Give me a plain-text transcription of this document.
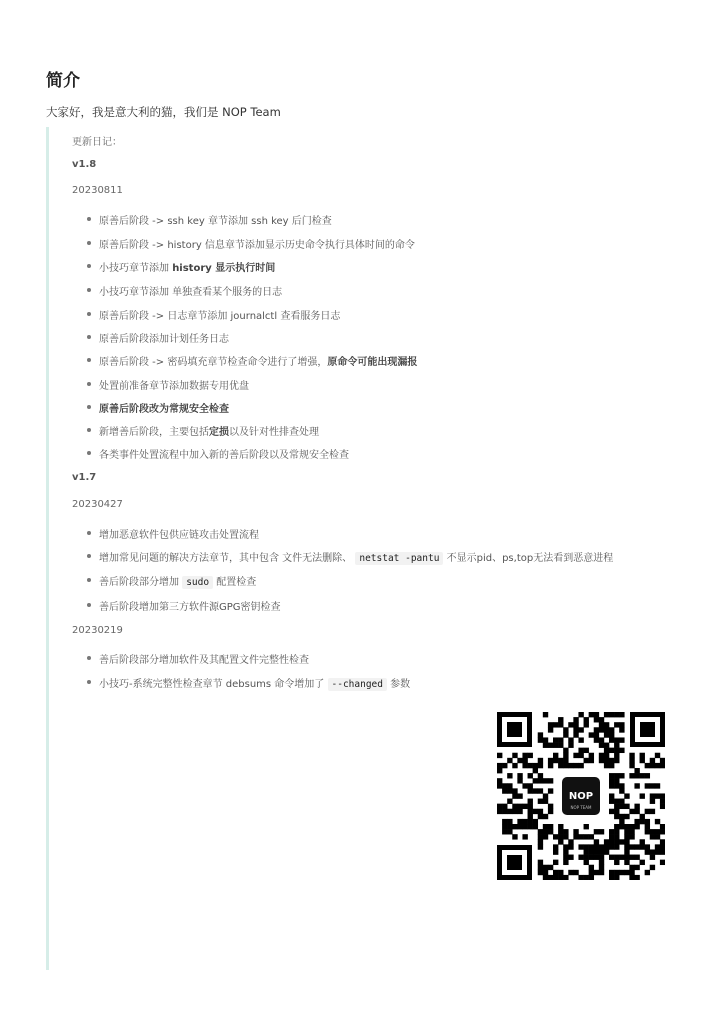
简介
大家好，我是意大利的猫，我们是 NOP Team
更新日记：
v1.8
20230811
原善后阶段 -> ssh key 章节添加 ssh key 后门检查
原善后阶段 -> history 信息章节添加显示历史命令执行具体时间的命令
小技巧章节添加 history 显示执行时间
小技巧章节添加 单独查看某个服务的日志
原善后阶段 -> 日志章节添加 journalctl 查看服务日志
原善后阶段添加计划任务日志
原善后阶段 -> 密码填充章节检查命令进行了增强，原命令可能出现漏报
处置前准备章节添加数据专用优盘
原善后阶段改为常规安全检查
新增善后阶段，主要包括定损以及针对性排查处理
各类事件处置流程中加入新的善后阶段以及常规安全检查
v1.7
20230427
增加恶意软件包供应链攻击处置流程
增加常见问题的解决方法章节，其中包含 文件无法删除、 netstat -pantu 不显示pid、ps,top无法看到恶意进程
善后阶段部分增加 sudo 配置检查
善后阶段增加第三方软件源GPG密钥检查
20230219
善后阶段部分增加软件及其配置文件完整性检查
小技巧-系统完整性检查章节 debsums 命令增加了 --changed 参数
NOP
NOP TEAM
